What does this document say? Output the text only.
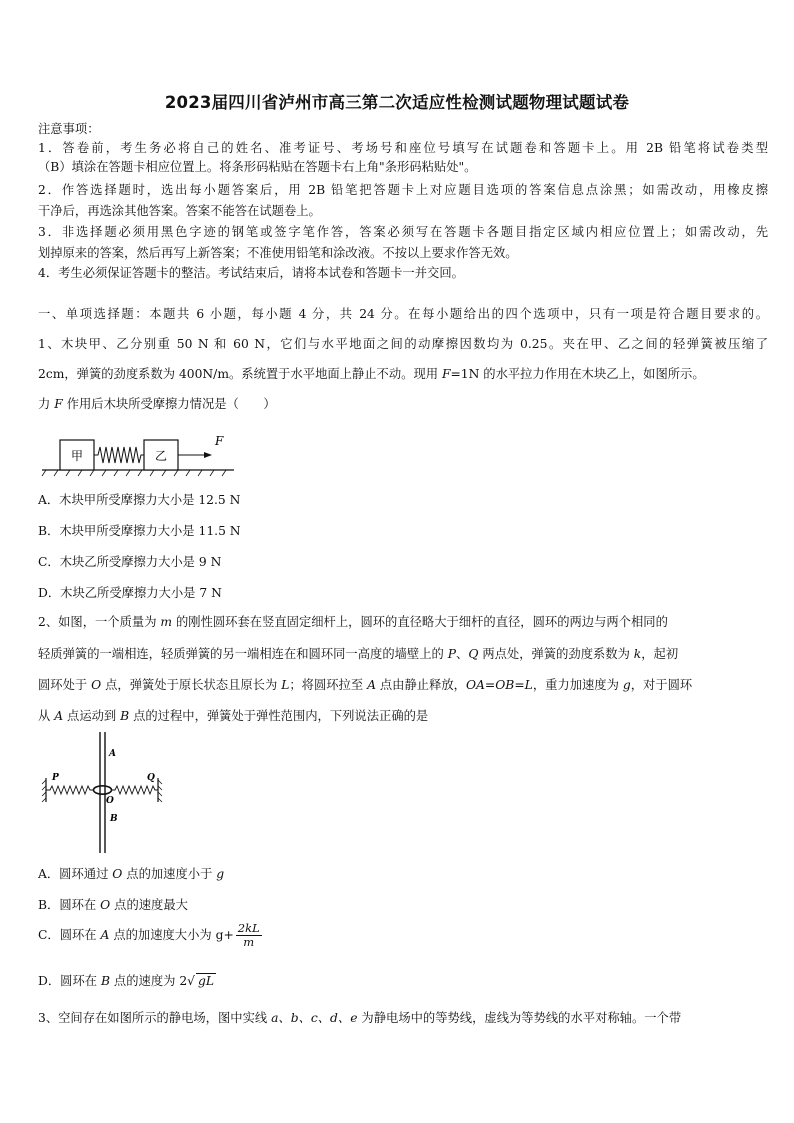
2023届四川省泸州市高三第二次适应性检测试题物理试题试卷
注意事项：
1．答卷前，考生务必将自己的姓名、准考证号、考场号和座位号填写在试题卷和答题卡上。用 2B 铅笔将试卷类型
（B）填涂在答题卡相应位置上。将条形码粘贴在答题卡右上角"条形码粘贴处"。
2．作答选择题时，选出每小题答案后，用 2B 铅笔把答题卡上对应题目选项的答案信息点涂黑；如需改动，用橡皮擦
干净后，再选涂其他答案。答案不能答在试题卷上。
3．非选择题必须用黑色字迹的钢笔或签字笔作答，答案必须写在答题卡各题目指定区域内相应位置上；如需改动，先
划掉原来的答案，然后再写上新答案；不准使用铅笔和涂改液。不按以上要求作答无效。
4．考生必须保证答题卡的整洁。考试结束后，请将本试卷和答题卡一并交回。
一、单项选择题：本题共 6 小题，每小题 4 分，共 24 分。在每小题给出的四个选项中，只有一项是符合题目要求的。
1、木块甲、乙分别重 50 N 和 60 N，它们与水平地面之间的动摩擦因数均为 0.25。夹在甲、乙之间的轻弹簧被压缩了
2cm，弹簧的劲度系数为 400N/m。系统置于水平地面上静止不动。现用 F=1N 的水平拉力作用在木块乙上，如图所示。
力 F 作用后木块所受摩擦力情况是（　　）
甲	乙
F
A．木块甲所受摩擦力大小是 12.5 N
B．木块甲所受摩擦力大小是 11.5 N
C．木块乙所受摩擦力大小是 9 N
D．木块乙所受摩擦力大小是 7 N
2、如图，一个质量为 m 的刚性圆环套在竖直固定细杆上，圆环的直径略大于细杆的直径，圆环的两边与两个相同的
轻质弹簧的一端相连，轻质弹簧的另一端相连在和圆环同一高度的墙壁上的 P、Q 两点处，弹簧的劲度系数为 k，起初
圆环处于 O 点，弹簧处于原长状态且原长为 L；将圆环拉至 A 点由静止释放，OA=OB=L，重力加速度为 g，对于圆环
从 A 点运动到 B 点的过程中，弹簧处于弹性范围内，下列说法正确的是
A
O
B
P	Q
A．圆环通过 O 点的加速度小于 g
B．圆环在 O 点的速度最大
C．圆环在 A 点的加速度大小为 $g+ \frac{2kL}{m}$
D．圆环在 B 点的速度为 2√ gL
3、空间存在如图所示的静电场，图中实线 a、b、c、d、e 为静电场中的等势线，虚线为等势线的水平对称轴。一个带
